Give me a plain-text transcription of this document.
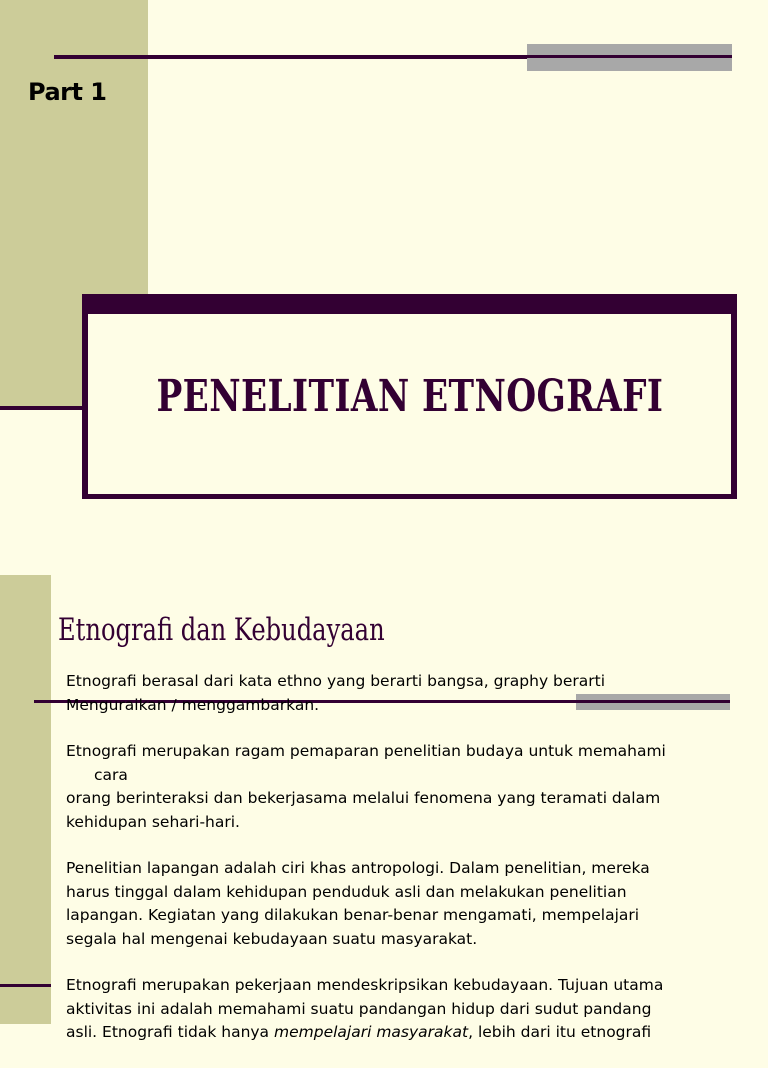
Part 1
PENELITIAN ETNOGRAFI
Etnografi dan Kebudayaan

Etnografi berasal dari kata ethno yang berarti bangsa, graphy berarti
Menguraikan / menggambarkan.

Etnografi merupakan ragam pemaparan penelitian budaya untuk memahami
cara
orang berinteraksi dan bekerjasama melalui fenomena yang teramati dalam
kehidupan sehari-hari.

Penelitian lapangan adalah ciri khas antropologi. Dalam penelitian, mereka
harus tinggal dalam kehidupan penduduk asli dan melakukan penelitian
lapangan. Kegiatan yang dilakukan benar-benar mengamati, mempelajari
segala hal mengenai kebudayaan suatu masyarakat.

Etnografi merupakan pekerjaan mendeskripsikan kebudayaan. Tujuan utama
aktivitas ini adalah memahami suatu pandangan hidup dari sudut pandang
asli. Etnografi tidak hanya mempelajari masyarakat, lebih dari itu etnografi
